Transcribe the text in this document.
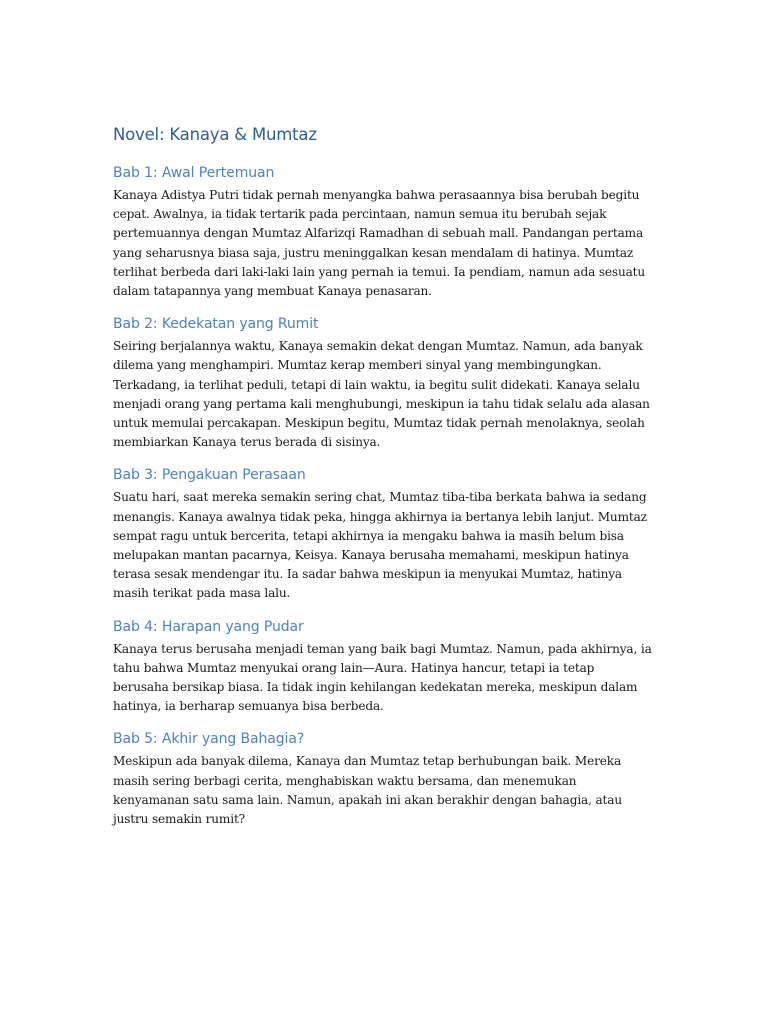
Novel: Kanaya & Mumtaz
Bab 1: Awal Pertemuan

Kanaya Adistya Putri tidak pernah menyangka bahwa perasaannya bisa berubah begitu cepat. Awalnya, ia tidak tertarik pada percintaan, namun semua itu berubah sejak pertemuannya dengan Mumtaz Alfarizqi Ramadhan di sebuah mall. Pandangan pertama yang seharusnya biasa saja, justru meninggalkan kesan mendalam di hatinya. Mumtaz terlihat berbeda dari laki-laki lain yang pernah ia temui. Ia pendiam, namun ada sesuatu dalam tatapannya yang membuat Kanaya penasaran.

Bab 2: Kedekatan yang Rumit

Seiring berjalannya waktu, Kanaya semakin dekat dengan Mumtaz. Namun, ada banyak dilema yang menghampiri. Mumtaz kerap memberi sinyal yang membingungkan. Terkadang, ia terlihat peduli, tetapi di lain waktu, ia begitu sulit didekati. Kanaya selalu menjadi orang yang pertama kali menghubungi, meskipun ia tahu tidak selalu ada alasan untuk memulai percakapan. Meskipun begitu, Mumtaz tidak pernah menolaknya, seolah membiarkan Kanaya terus berada di sisinya.

Bab 3: Pengakuan Perasaan

Suatu hari, saat mereka semakin sering chat, Mumtaz tiba-tiba berkata bahwa ia sedang menangis. Kanaya awalnya tidak peka, hingga akhirnya ia bertanya lebih lanjut. Mumtaz sempat ragu untuk bercerita, tetapi akhirnya ia mengaku bahwa ia masih belum bisa melupakan mantan pacarnya, Keisya. Kanaya berusaha memahami, meskipun hatinya terasa sesak mendengar itu. Ia sadar bahwa meskipun ia menyukai Mumtaz, hatinya masih terikat pada masa lalu.

Bab 4: Harapan yang Pudar

Kanaya terus berusaha menjadi teman yang baik bagi Mumtaz. Namun, pada akhirnya, ia tahu bahwa Mumtaz menyukai orang lain—Aura. Hatinya hancur, tetapi ia tetap berusaha bersikap biasa. Ia tidak ingin kehilangan kedekatan mereka, meskipun dalam hatinya, ia berharap semuanya bisa berbeda.

Bab 5: Akhir yang Bahagia?

Meskipun ada banyak dilema, Kanaya dan Mumtaz tetap berhubungan baik. Mereka masih sering berbagi cerita, menghabiskan waktu bersama, dan menemukan kenyamanan satu sama lain. Namun, apakah ini akan berakhir dengan bahagia, atau justru semakin rumit?
